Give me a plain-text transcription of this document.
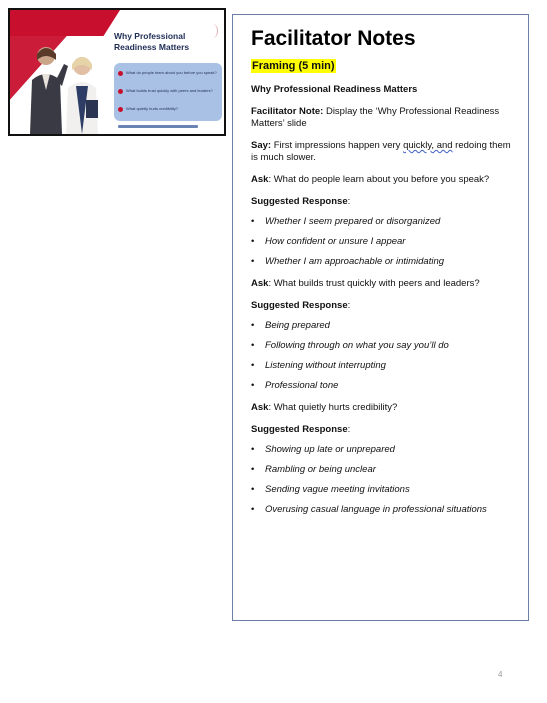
Why Professional
Readiness Matters
What do people learn about you before you speak?
What builds trust quickly with peers and leaders?
What quietly hurts credibility?
Facilitator Notes
Framing (5 min)
Why Professional Readiness Matters
Facilitator Note: Display the ‘Why Professional Readiness Matters’ slide
Say: First impressions happen very quickly, and redoing them is much slower.
Ask: What do people learn about you before you speak?
Suggested Response:
• Whether I seem prepared or disorganized
• How confident or unsure I appear
• Whether I am approachable or intimidating
Ask: What builds trust quickly with peers and leaders?
Suggested Response:
• Being prepared
• Following through on what you say you’ll do
• Listening without interrupting
• Professional tone
Ask: What quietly hurts credibility?
Suggested Response:
• Showing up late or unprepared
• Rambling or being unclear
• Sending vague meeting invitations
• Overusing casual language in professional situations
4
